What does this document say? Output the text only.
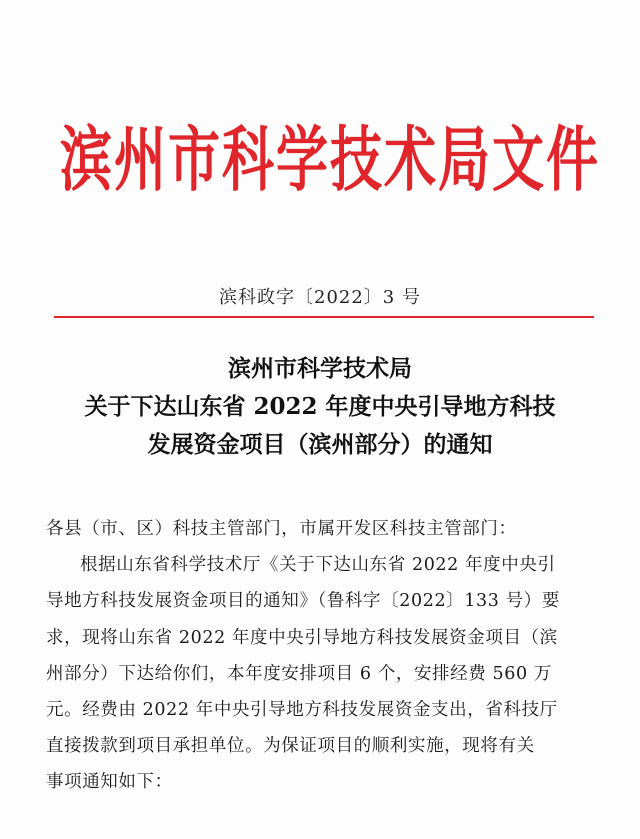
滨州市科学技术局文件
滨科政字〔2022〕3 号
滨州市科学技术局
关于下达山东省 2022 年度中央引导地方科技
发展资金项目（滨州部分）的通知
各县（市、区）科技主管部门，市属开发区科技主管部门：
根据山东省科学技术厅《关于下达山东省 2022 年度中央引
导地方科技发展资金项目的通知》（鲁科字〔2022〕133 号）要
求，现将山东省 2022 年度中央引导地方科技发展资金项目（滨
州部分）下达给你们，本年度安排项目 6 个，安排经费 560 万
元。经费由 2022 年中央引导地方科技发展资金支出，省科技厅
直接拨款到项目承担单位。为保证项目的顺利实施，现将有关
事项通知如下：
